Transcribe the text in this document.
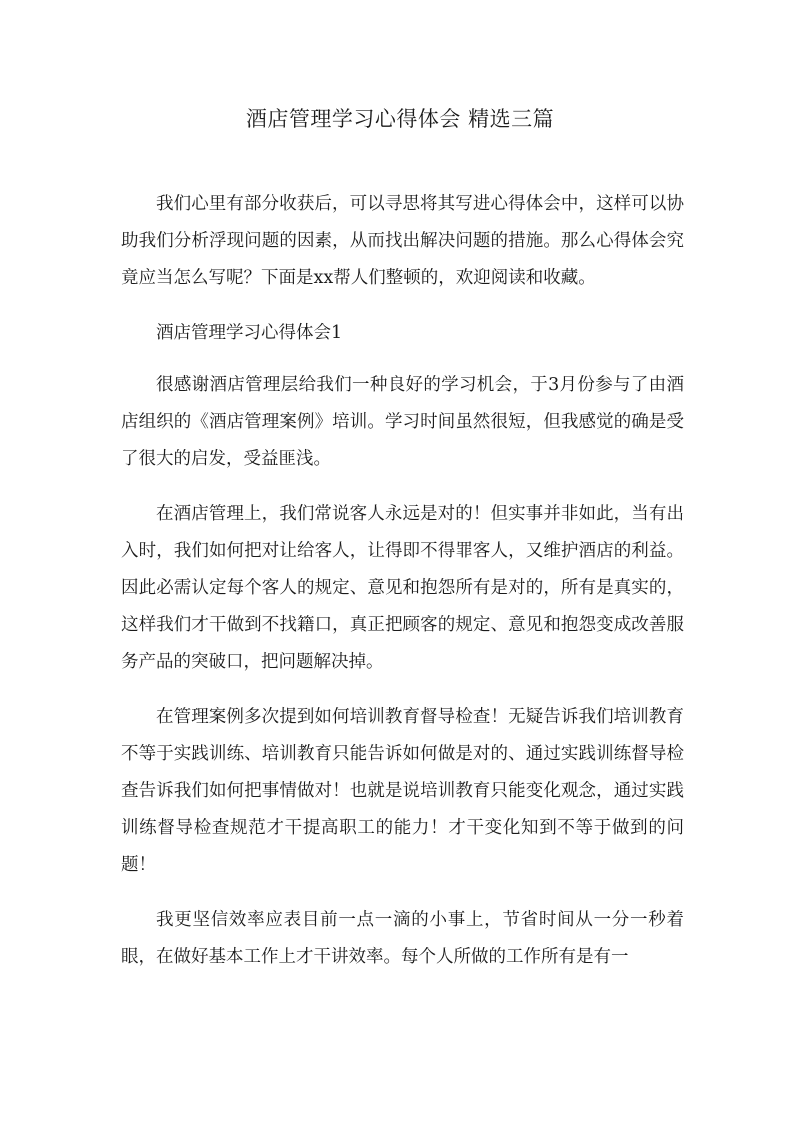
酒店管理学习心得体会 精选三篇

我们心里有部分收获后，可以寻思将其写进心得体会中，这样可以协助我们分析浮现问题的因素，从而找出解决问题的措施。那么心得体会究竟应当怎么写呢？下面是xx帮人们整顿的，欢迎阅读和收藏。

酒店管理学习心得体会1

很感谢酒店管理层给我们一种良好的学习机会，于3月份参与了由酒店组织的《酒店管理案例》培训。学习时间虽然很短，但我感觉的确是受了很大的启发，受益匪浅。

在酒店管理上，我们常说客人永远是对的！但实事并非如此，当有出入时，我们如何把对让给客人，让得即不得罪客人，又维护酒店的利益。因此必需认定每个客人的规定、意见和抱怨所有是对的，所有是真实的，这样我们才干做到不找籍口，真正把顾客的规定、意见和抱怨变成改善服务产品的突破口，把问题解决掉。

在管理案例多次提到如何培训教育督导检查！无疑告诉我们培训教育不等于实践训练、培训教育只能告诉如何做是对的、通过实践训练督导检查告诉我们如何把事情做对！也就是说培训教育只能变化观念，通过实践训练督导检查规范才干提高职工的能力！才干变化知到不等于做到的问题！

我更坚信效率应表目前一点一滴的小事上，节省时间从一分一秒着眼，在做好基本工作上才干讲效率。每个人所做的工作所有是有一
